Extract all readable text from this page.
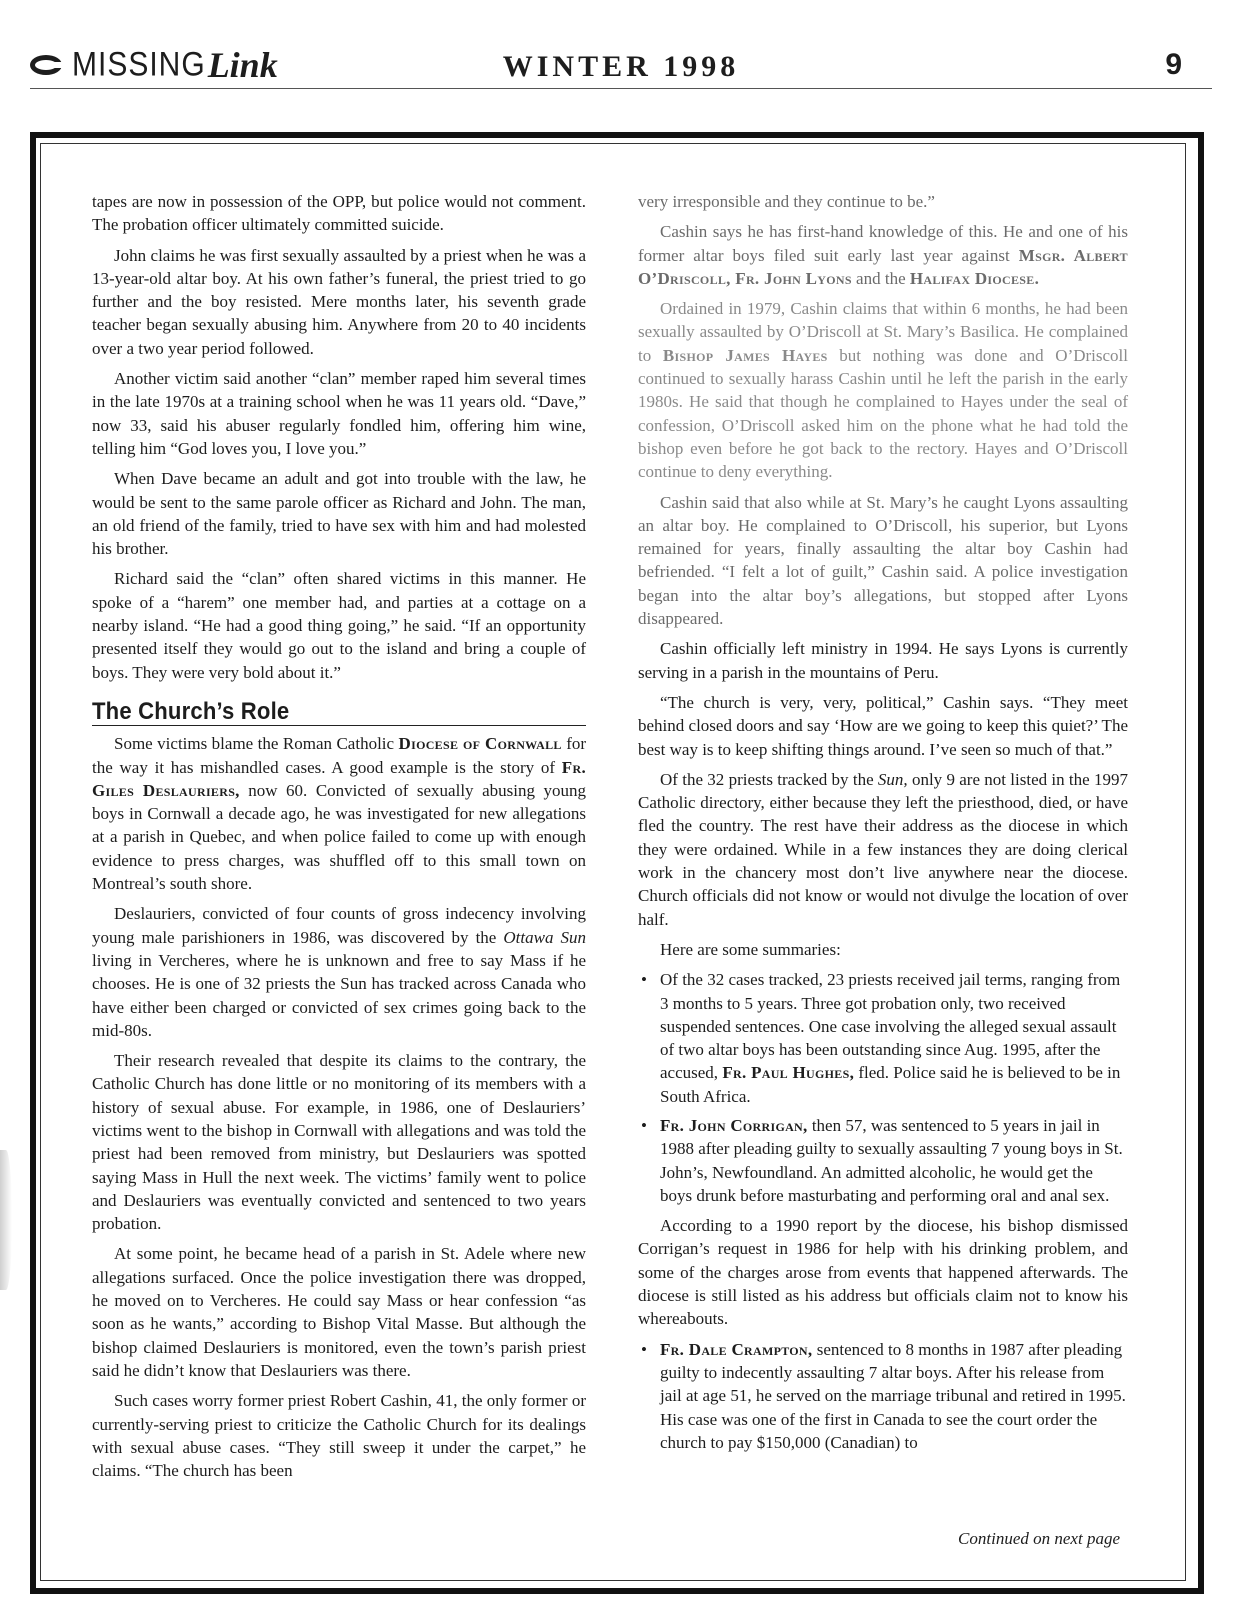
MISSING Link	WINTER 1998	9

tapes are now in possession of the OPP, but police would not comment. The probation officer ultimately committed suicide.

John claims he was first sexually assaulted by a priest when he was a 13-year-old altar boy. At his own father’s funeral, the priest tried to go further and the boy resisted. Mere months later, his seventh grade teacher began sexually abusing him. Anywhere from 20 to 40 incidents over a two year period followed.

Another victim said another “clan” member raped him several times in the late 1970s at a training school when he was 11 years old. “Dave,” now 33, said his abuser regularly fondled him, offering him wine, telling him “God loves you, I love you.”

When Dave became an adult and got into trouble with the law, he would be sent to the same parole officer as Richard and John. The man, an old friend of the family, tried to have sex with him and had molested his brother.

Richard said the “clan” often shared victims in this manner. He spoke of a “harem” one member had, and parties at a cottage on a nearby island. “He had a good thing going,” he said. “If an opportunity presented itself they would go out to the island and bring a couple of boys. They were very bold about it.”

The Church’s Role

Some victims blame the Roman Catholic Diocese of Cornwall for the way it has mishandled cases. A good example is the story of Fr. Giles Deslauriers, now 60. Convicted of sexually abusing young boys in Cornwall a decade ago, he was investigated for new allegations at a parish in Quebec, and when police failed to come up with enough evidence to press charges, was shuffled off to this small town on Montreal’s south shore.

Deslauriers, convicted of four counts of gross indecency involving young male parishioners in 1986, was discovered by the Ottawa Sun living in Vercheres, where he is unknown and free to say Mass if he chooses. He is one of 32 priests the Sun has tracked across Canada who have either been charged or convicted of sex crimes going back to the mid-80s.

Their research revealed that despite its claims to the contrary, the Catholic Church has done little or no monitoring of its members with a history of sexual abuse. For example, in 1986, one of Deslauriers’ victims went to the bishop in Cornwall with allegations and was told the priest had been removed from ministry, but Deslauriers was spotted saying Mass in Hull the next week. The victims’ family went to police and Deslauriers was eventually convicted and sentenced to two years probation.

At some point, he became head of a parish in St. Adele where new allegations surfaced. Once the police investigation there was dropped, he moved on to Vercheres. He could say Mass or hear confession “as soon as he wants,” according to Bishop Vital Masse. But although the bishop claimed Deslauriers is monitored, even the town’s parish priest said he didn’t know that Deslauriers was there.

Such cases worry former priest Robert Cashin, 41, the only former or currently-serving priest to criticize the Catholic Church for its dealings with sexual abuse cases. “They still sweep it under the carpet,” he claims. “The church has been

very irresponsible and they continue to be.”

Cashin says he has first-hand knowledge of this. He and one of his former altar boys filed suit early last year against Msgr. Albert O’Driscoll, Fr. John Lyons and the Halifax Diocese.

Ordained in 1979, Cashin claims that within 6 months, he had been sexually assaulted by O’Driscoll at St. Mary’s Basilica. He complained to Bishop James Hayes but nothing was done and O’Driscoll continued to sexually harass Cashin until he left the parish in the early 1980s. He said that though he complained to Hayes under the seal of confession, O’Driscoll asked him on the phone what he had told the bishop even before he got back to the rectory. Hayes and O’Driscoll continue to deny everything.

Cashin said that also while at St. Mary’s he caught Lyons assaulting an altar boy. He complained to O’Driscoll, his superior, but Lyons remained for years, finally assaulting the altar boy Cashin had befriended. “I felt a lot of guilt,” Cashin said. A police investigation began into the altar boy’s allegations, but stopped after Lyons disappeared.

Cashin officially left ministry in 1994. He says Lyons is currently serving in a parish in the mountains of Peru.

“The church is very, very, political,” Cashin says. “They meet behind closed doors and say ‘How are we going to keep this quiet?’ The best way is to keep shifting things around. I’ve seen so much of that.”

Of the 32 priests tracked by the Sun, only 9 are not listed in the 1997 Catholic directory, either because they left the priesthood, died, or have fled the country. The rest have their address as the diocese in which they were ordained. While in a few instances they are doing clerical work in the chancery most don’t live anywhere near the diocese. Church officials did not know or would not divulge the location of over half.

Here are some summaries:

• Of the 32 cases tracked, 23 priests received jail terms, ranging from 3 months to 5 years. Three got probation only, two received suspended sentences. One case involving the alleged sexual assault of two altar boys has been outstanding since Aug. 1995, after the accused, Fr. Paul Hughes, fled. Police said he is believed to be in South Africa.
• Fr. John Corrigan, then 57, was sentenced to 5 years in jail in 1988 after pleading guilty to sexually assaulting 7 young boys in St. John’s, Newfoundland. An admitted alcoholic, he would get the boys drunk before masturbating and performing oral and anal sex.

According to a 1990 report by the diocese, his bishop dismissed Corrigan’s request in 1986 for help with his drinking problem, and some of the charges arose from events that happened afterwards. The diocese is still listed as his address but officials claim not to know his whereabouts.

• Fr. Dale Crampton, sentenced to 8 months in 1987 after pleading guilty to indecently assaulting 7 altar boys. After his release from jail at age 51, he served on the marriage tribunal and retired in 1995. His case was one of the first in Canada to see the court order the church to pay $150,000 (Canadian) to
Continued on next page
